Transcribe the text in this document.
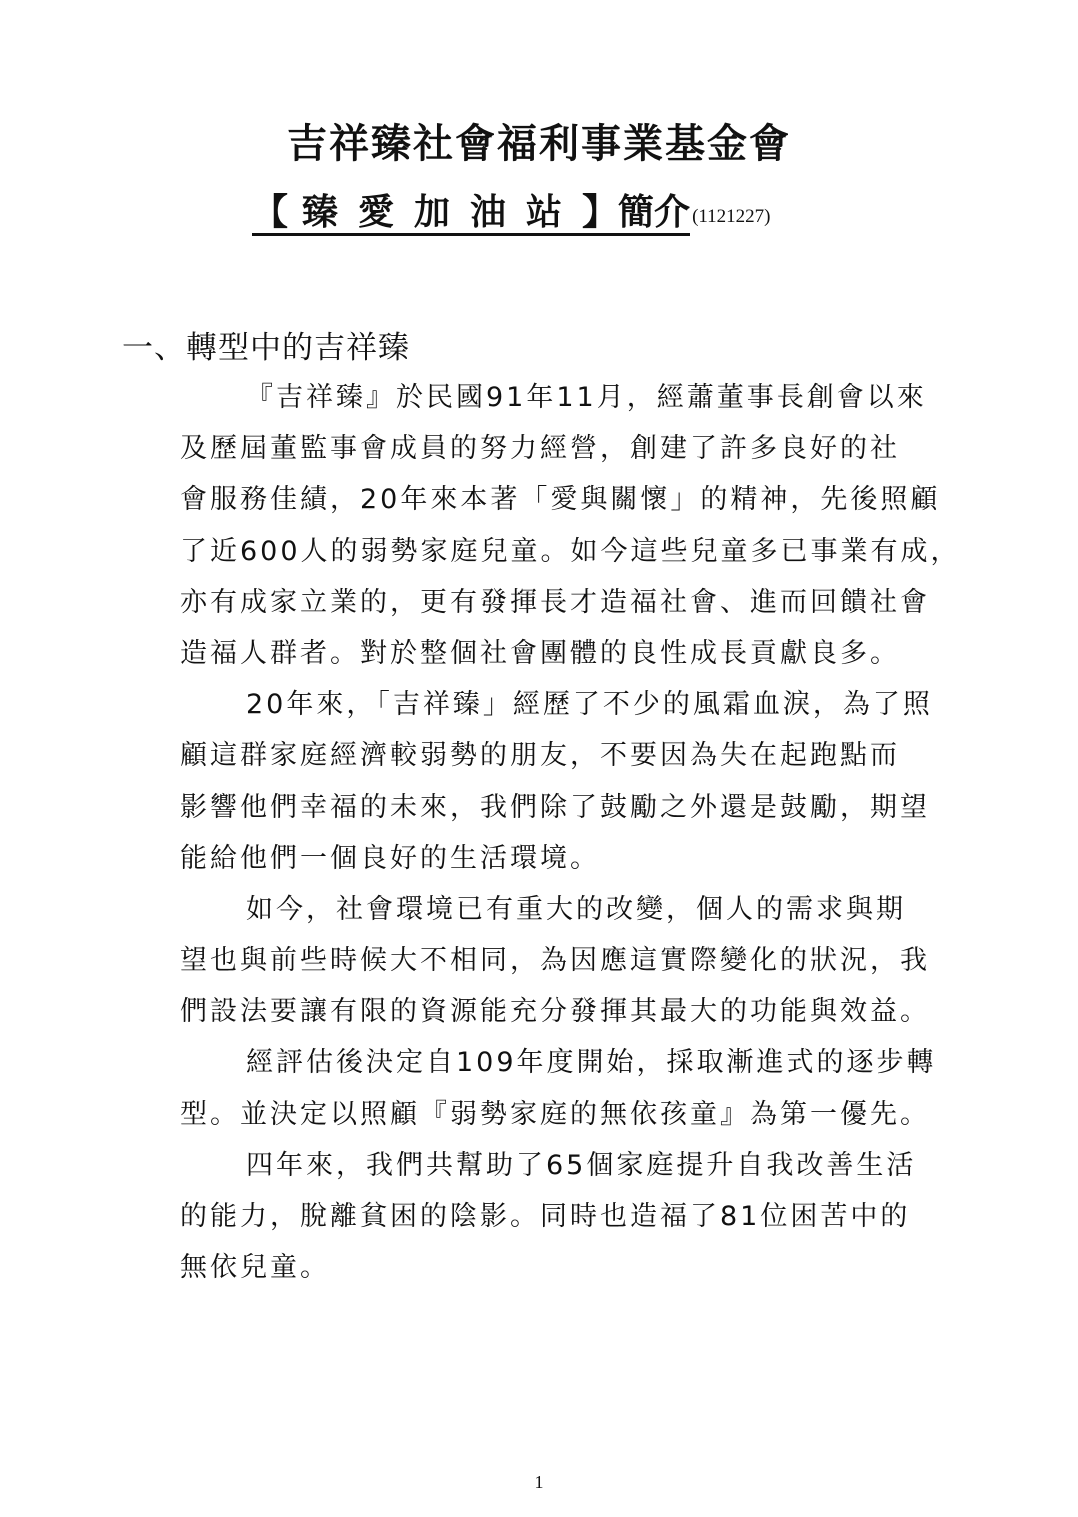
吉祥臻社會福利事業基金會
【 臻愛加油站】簡介 (1121227)
一、轉型中的吉祥臻
『吉祥臻』於民國91年11月，經蕭董事長創會以來
及歷屆董監事會成員的努力經營，創建了許多良好的社
會服務佳績，20年來本著「愛與關懷」的精神，先後照顧
了近600人的弱勢家庭兒童。如今這些兒童多已事業有成，
亦有成家立業的，更有發揮長才造福社會、進而回饋社會
造福人群者。對於整個社會團體的良性成長貢獻良多。
20年來，「吉祥臻」經歷了不少的風霜血淚，為了照
顧這群家庭經濟較弱勢的朋友，不要因為失在起跑點而
影響他們幸福的未來，我們除了鼓勵之外還是鼓勵，期望
能給他們一個良好的生活環境。
如今，社會環境已有重大的改變，個人的需求與期
望也與前些時候大不相同，為因應這實際變化的狀況，我
們設法要讓有限的資源能充分發揮其最大的功能與效益。
經評估後決定自109年度開始，採取漸進式的逐步轉
型。並決定以照顧『弱勢家庭的無依孩童』為第一優先。
四年來，我們共幫助了65個家庭提升自我改善生活
的能力，脫離貧困的陰影。同時也造福了81位困苦中的
無依兒童。
1
